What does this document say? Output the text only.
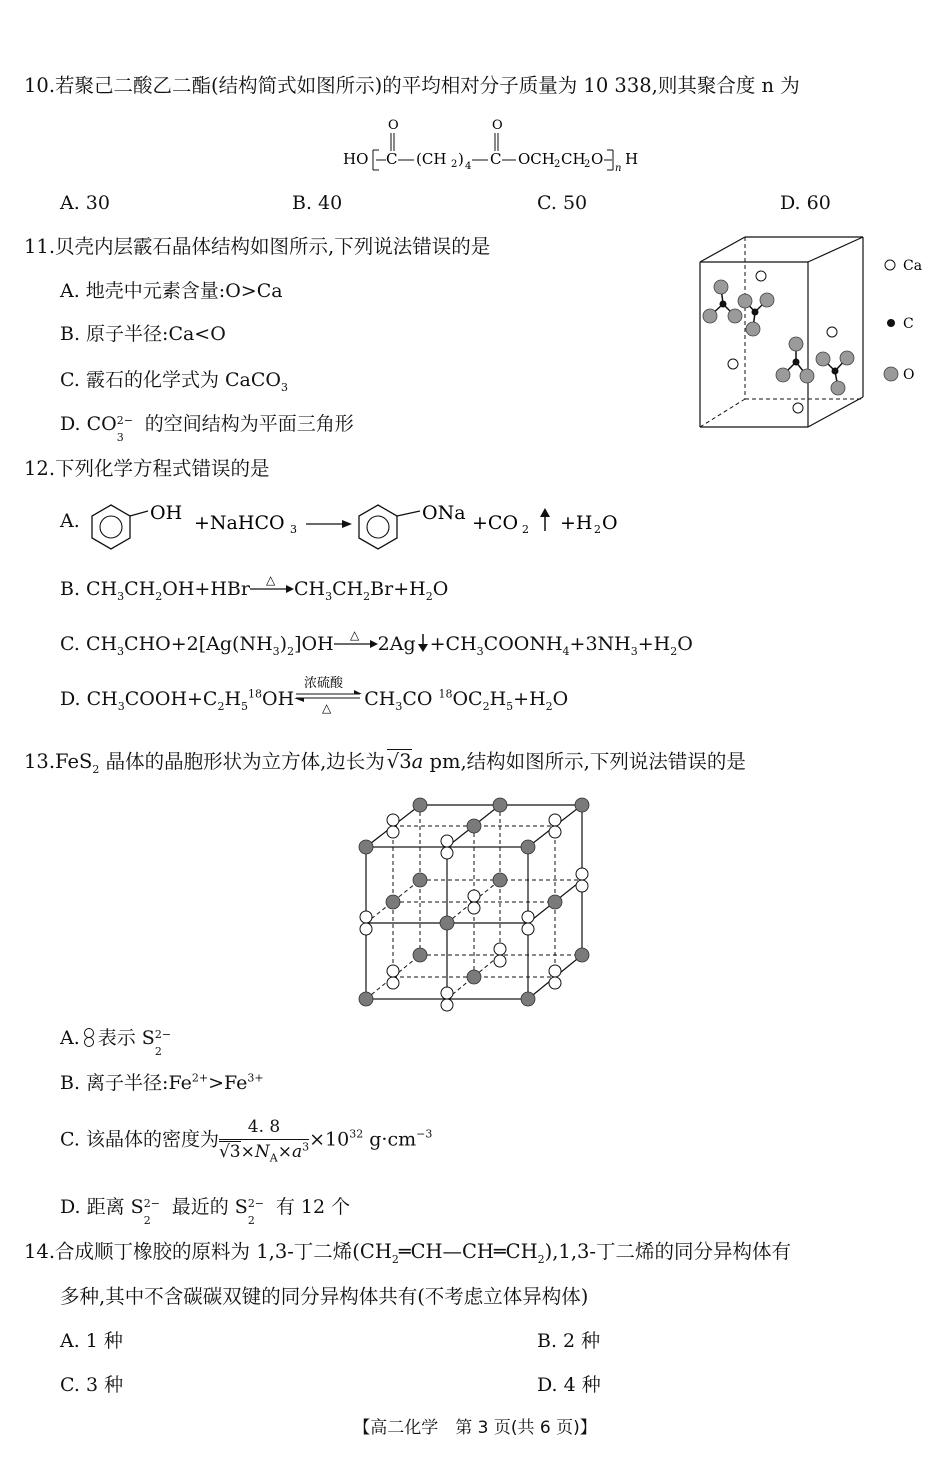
10.若聚己二酸乙二酯(结构简式如图所示)的平均相对分子质量为 10 338,则其聚合度 n 为
HO C
O
(CH 2 ) 4 C
O
OCH 2 CH
2 O
n
H
A. 30	B. 40	C. 50	D. 60
11.贝壳内层霰石晶体结构如图所示,下列说法错误的是
A. 地壳中元素含量:O>Ca
B. 原子半径:Ca<O
C. 霰石的化学式为 CaCO$_3$
D. CO 2−
3
的空间结构为平面三角形
Ca
C
O
12.下列化学方程式错误的是
A.	OH +NaHCO 3
ONa +CO 2 +H 2 O
B. $CH_3CH_2OH+HBr$ △ $CH_3CH_2Br+H_2O$
C. $CH_3CHO+2[Ag(NH_3)_2]OH$ △ $2Ag +CH_3COONH_4+3NH_3+H_2O$
D. $CH_3COOH+C_2H_5^{18}OH$
浓硫酸
△ $CH_3CO$ $^{18}OC_2H_5+H_2O$
13.FeS$_2$ 晶体的晶胞形状为立方体,边长为 √3a pm,结构如图所示,下列说法错误的是
A. 表示 S 2−
2
B. 离子半径$:Fe^{2+}>Fe^{3+}$
C. 该晶体的密度为 $\frac{4. 8}{√3\times N_A\times a^3} \times 10^{32}$ $g\cdot cm^{-3}$
D. 距离 S 2−
2
最近的 S 2−
2
有 12 个
14.合成顺丁橡胶的原料为 1,3-丁二烯$(CH_2═CH—CH═CH_2),1,3-$丁二烯的同分异构体有
多种,其中不含碳碳双键的同分异构体共有(不考虑立体异构体)
A. 1 种	B. 2 种
C. 3 种	D. 4 种
【高二化学　第 3 页(共 6 页)】
